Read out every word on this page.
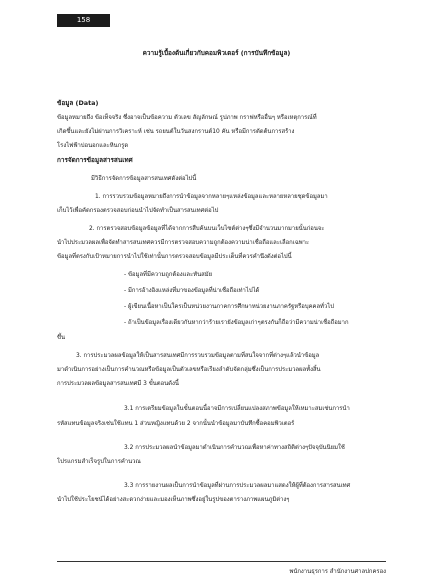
158
ความรู้เบื้องต้นเกี่ยวกับคอมพิวเตอร์ (การบันทึกข้อมูล)
ข้อมูล (Data)
ข้อมูลหมายถึง ข้อเท็จจริง ซึ่งอาจเป็นข้อความ ตัวเลข สัญลักษณ์ รูปภาพ กราฟหรืออื่นๆ หรือเหตุการณ์ที่
เกิดขึ้นและยังไม่ผ่านการวิเคราะห์ เช่น รถยนต์ในวันสงกรานต์10 คัน หรือมีการตัดต้นการสร้าง
โรงไฟฟ้าบ่อนอกและหินกรูด
การจัดการข้อมูลสารสนเทศ
มีวิธีการจัดการข้อมูลสารสนเทศดังต่อไปนี้
1. การรวบรวมข้อมูลหมายถึงการนำข้อมูลจากหลายๆแหล่งข้อมูลและหลายหลายชุดข้อมูลมา
เก็บไว้เพื่อคัดกรองตรวจสอบก่อนนำไปจัดทำเป็นสารสนเทศต่อไป
2. การตรวจสอบข้อมูลข้อมูลที่ได้จากการสืบค้นบนเว็บไซต์ต่างๆซึ่งมีจำนวนมากมายนั้นก่อนจะ
นำไปประมวลผลเพื่อจัดทำสารสนเทศควรมีการตรวจสอบความถูกต้องความน่าเชื่อถือและเลือกเฉพาะ
ข้อมูลที่ตรงกับเป้าหมายการนำไปใช้เท่านั้นการตรวจสอบข้อมูลมีประเด็นที่ควรคำนึงดังต่อไปนี้
- ข้อมูลที่มีความถูกต้องและทันสมัย
- มีการอ้างอิงแหล่งที่มาของข้อมูลที่น่าเชื่อถือเท่าไปได้
- ผู้เขียนเนื้อหาเป็นใครเป็นหน่วยงานภาคการศึกษาหน่วยงานภาครัฐหรือบุคคลทั่วไป
- ถ้าเป็นข้อมูลเรื่องเดียวกันหากว่าร้ายเรายังข้อมูลเก่าๆตรงกันก็ถือว่ามีความน่าเชื่อถือมาก
ขึ้น
3. การประมวลผลข้อมูลให้เป็นสารสนเทศมีการรวบรวมข้อมูลตามที่สนใจจากที่ต่างๆแล้วนำข้อมูล
มาดำเนินการอย่างเป็นการคำนวณหรือข้อมูลเป็นตัวเลขหรือเรียงลำดับจัดกลุ่มซึ่งเป็นการประมวลผลทั้งสิ้น
การประมวลผลข้อมูลสารสนเทศมี 3 ขั้นตอนดังนี้
3.1 การเตรียมข้อมูลในขั้นตอนนี้อาจมีการเปลี่ยนแปลงสภาพข้อมูลให้เหมาะสมเช่นการนำ
รหัสแทนข้อมูลจริงเช่นใช้แทน 1 ส่วนหญิงแทนด้วย 2 จากนั้นนำข้อมูลมาบันทึกซื้อคอมพิวเตอร์
3.2 การประมวลผลนำข้อมูลมาดำเนินการคำนวณเพื่อหาค่าทางสถิติต่างๆปัจจุบันนิยมใช้
โปรแกรมสำเร็จรูปในการคำนวณ
3.3 การรายงานผลเป็นการนำข้อมูลที่ผ่านการประมวลผลมาแสดงให้ผู้ที่ต้องการสารสนเทศ
นำไปใช้ประโยชน์ได้อย่างสะดวกง่ายและมองเห็นภาพซึ่งอยู่ในรูปของตารางภาพแผนภูมิต่างๆ
พนักงานธุรการ สำนักงานศาลปกครอง
